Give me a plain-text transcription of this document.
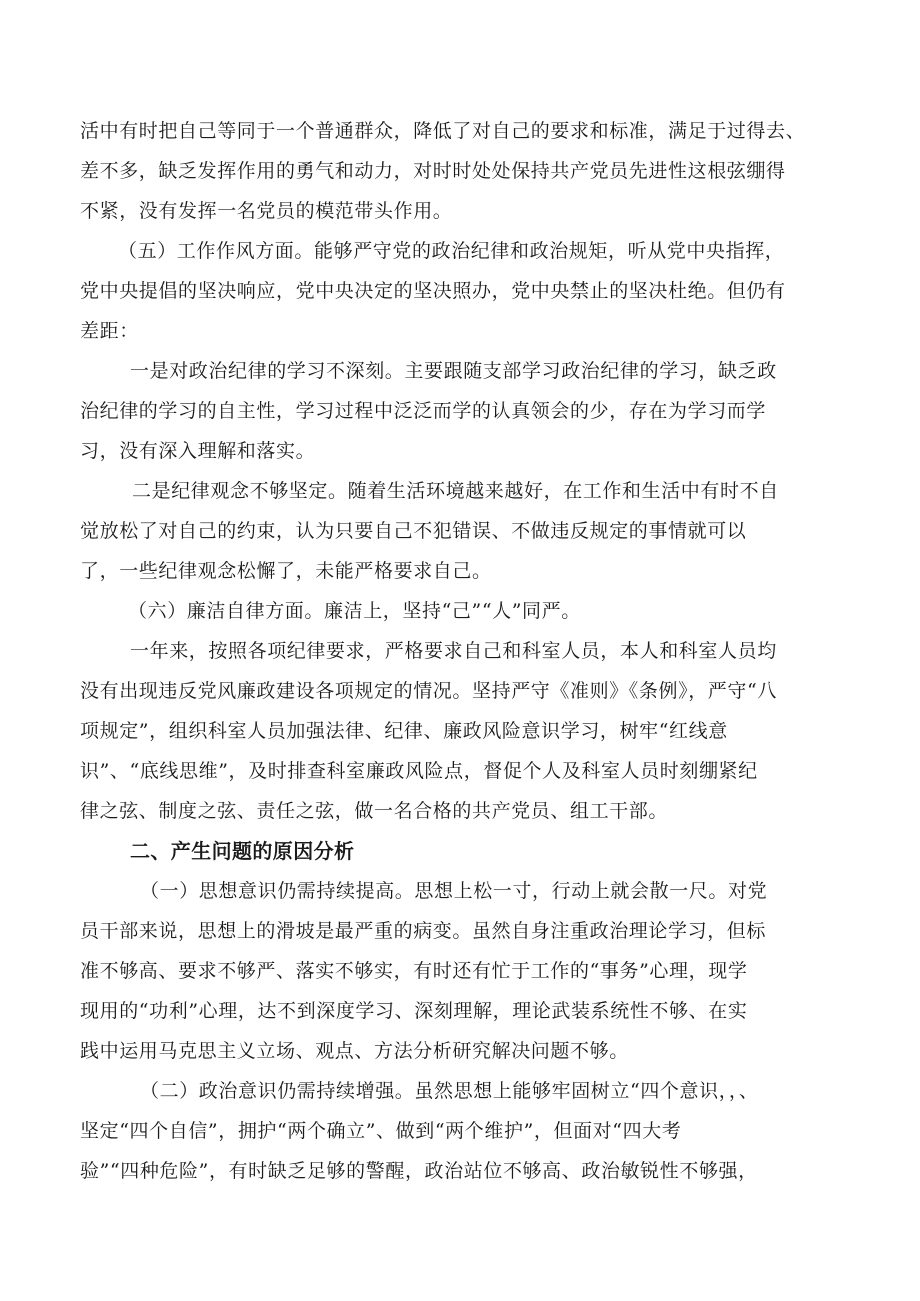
活中有时把自己等同于一个普通群众，降低了对自己的要求和标准，满足于过得去、
差不多，缺乏发挥作用的勇气和动力，对时时处处保持共产党员先进性这根弦绷得
不紧，没有发挥一名党员的模范带头作用。
（五）工作作风方面。能够严守党的政治纪律和政治规矩，听从党中央指挥，
党中央提倡的坚决响应，党中央决定的坚决照办，党中央禁止的坚决杜绝。但仍有
差距：
一是对政治纪律的学习不深刻。主要跟随支部学习政治纪律的学习，缺乏政
治纪律的学习的自主性，学习过程中泛泛而学的认真领会的少，存在为学习而学
习，没有深入理解和落实。
二是纪律观念不够坚定。随着生活环境越来越好，在工作和生活中有时不自
觉放松了对自己的约束，认为只要自己不犯错误、不做违反规定的事情就可以
了，一些纪律观念松懈了，未能严格要求自己。
（六）廉洁自律方面。廉洁上，坚持“己”“人”同严。
一年来，按照各项纪律要求，严格要求自己和科室人员，本人和科室人员均
没有出现违反党风廉政建设各项规定的情况。坚持严守《准则》《条例》，严守“八
项规定”，组织科室人员加强法律、纪律、廉政风险意识学习，树牢“红线意
识”、“底线思维”，及时排查科室廉政风险点，督促个人及科室人员时刻绷紧纪
律之弦、制度之弦、责任之弦，做一名合格的共产党员、组工干部。
二、产生问题的原因分析
（一）思想意识仍需持续提高。思想上松一寸，行动上就会散一尺。对党
员干部来说，思想上的滑坡是最严重的病变。虽然自身注重政治理论学习，但标
准不够高、要求不够严、落实不够实，有时还有忙于工作的“事务”心理，现学
现用的“功利”心理，达不到深度学习、深刻理解，理论武装系统性不够、在实
践中运用马克思主义立场、观点、方法分析研究解决问题不够。
（二）政治意识仍需持续增强。虽然思想上能够牢固树立“四个意识，，、
坚定“四个自信”，拥护“两个确立”、做到“两个维护”，但面对“四大考
验”“四种危险”，有时缺乏足够的警醒，政治站位不够高、政治敏锐性不够强，
